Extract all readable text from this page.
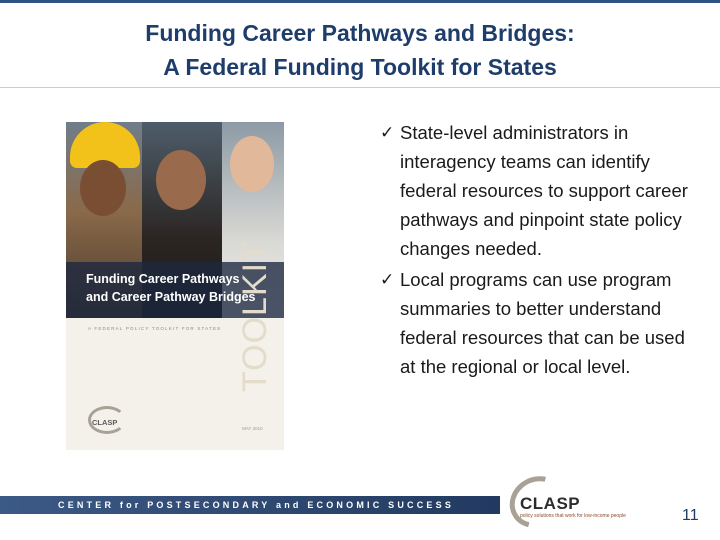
Funding Career Pathways and Bridges:
A Federal Funding Toolkit for States
Funding Career Pathways
and Career Pathway Bridges
A FEDERAL POLICY TOOLKIT FOR STATES TOOLKIT
CLASP
MAY 2010
✓ State-level administrators in interagency teams can identify federal resources to support career pathways and pinpoint state policy changes needed.
✓ Local programs can use program summaries to better understand federal resources that can be used at the regional or local level.
CENTER for POSTSECONDARY and ECONOMIC SUCCESS	CLASP
policy solutions that work for low-income people	11
